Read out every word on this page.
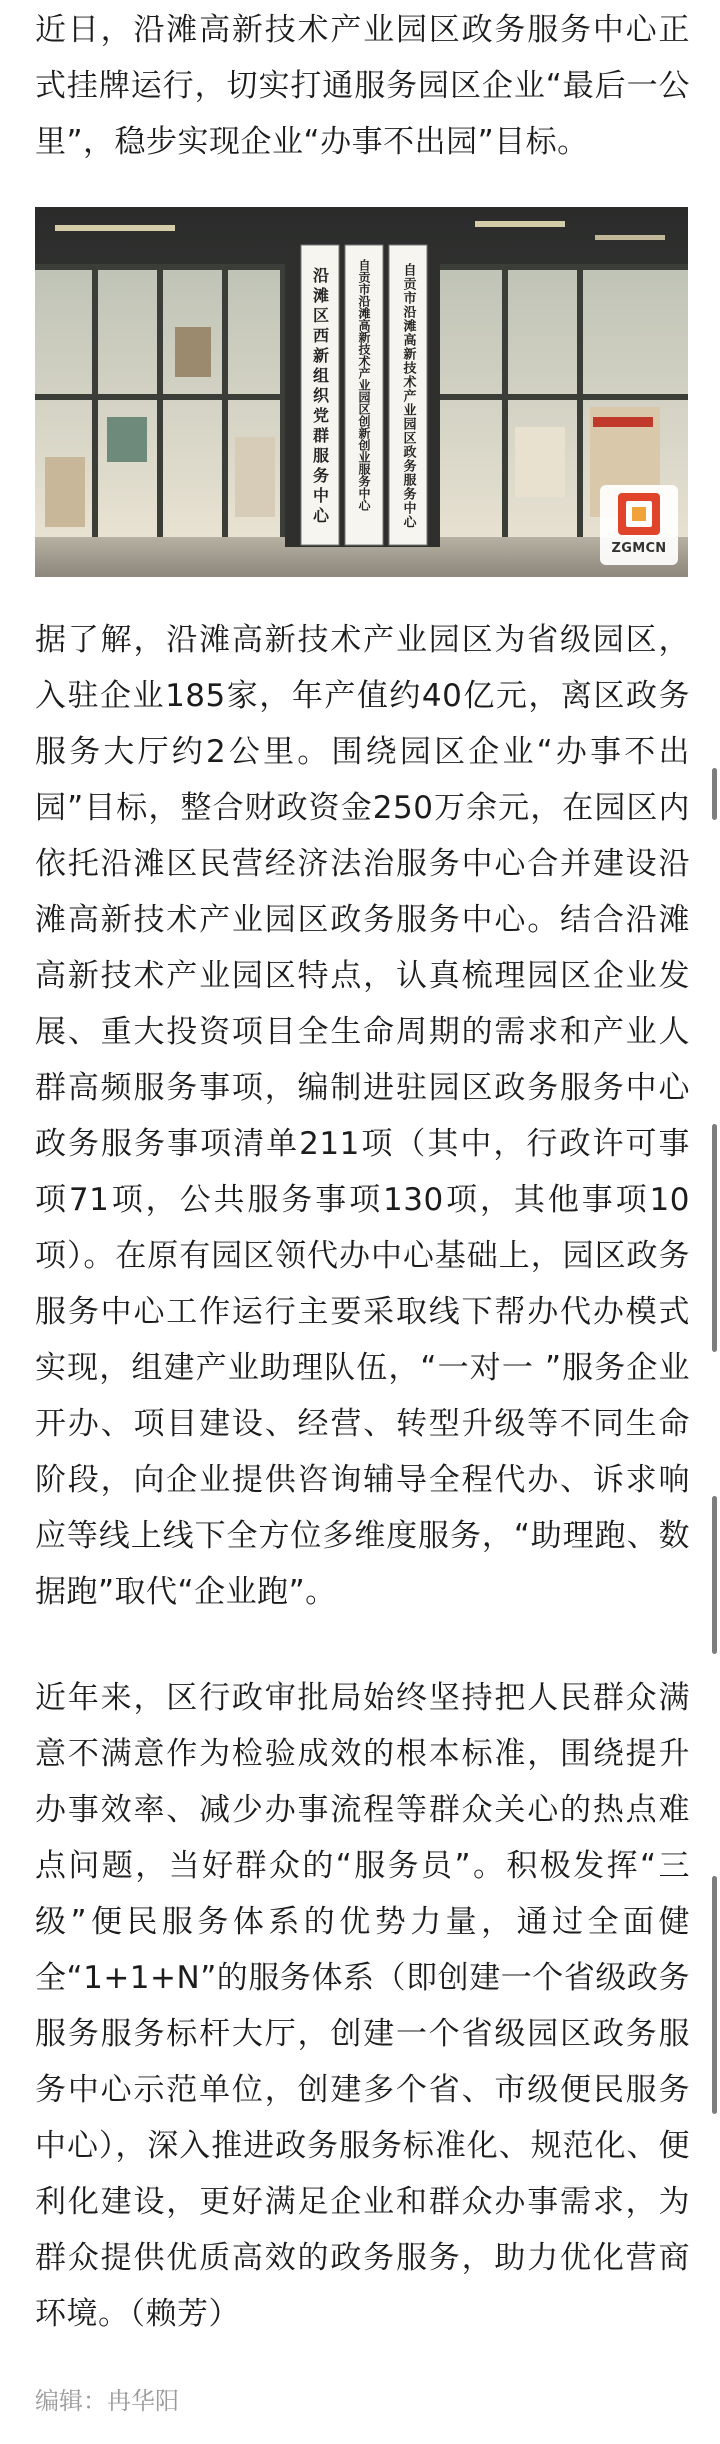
近日，沿滩高新技术产业园区政务服务中心正式挂牌运行，切实打通服务园区企业“最后一公里”，稳步实现企业“办事不出园”目标。

沿滩区西新组织党群服务中心 自贡市沿滩高新技术产业园区创新创业服务中心 自贡市沿滩高新技术产业园区政务服务中心
ZGMCN

据了解，沿滩高新技术产业园区为省级园区，入驻企业185家，年产值约40亿元，离区政务服务大厅约2公里。围绕园区企业“办事不出园”目标，整合财政资金250万余元，在园区内依托沿滩区民营经济法治服务中心合并建设沿滩高新技术产业园区政务服务中心。结合沿滩高新技术产业园区特点，认真梳理园区企业发展、重大投资项目全生命周期的需求和产业人群高频服务事项，编制进驻园区政务服务中心政务服务事项清单211项（其中，行政许可事项71项，公共服务事项130项，其他事项10项）。在原有园区领代办中心基础上，园区政务服务中心工作运行主要采取线下帮办代办模式实现，组建产业助理队伍，“一对一 ”服务企业开办、项目建设、经营、转型升级等不同生命阶段，向企业提供咨询辅导全程代办、诉求响应等线上线下全方位多维度服务，“助理跑、数据跑”取代“企业跑”。

近年来，区行政审批局始终坚持把人民群众满意不满意作为检验成效的根本标准，围绕提升办事效率、减少办事流程等群众关心的热点难点问题，当好群众的“服务员”。积极发挥“三级”便民服务体系的优势力量，通过全面健全“1+1+N”的服务体系（即创建一个省级政务服务服务标杆大厅，创建一个省级园区政务服务中心示范单位，创建多个省、市级便民服务中心），深入推进政务服务标准化、规范化、便利化建设，更好满足企业和群众办事需求，为群众提供优质高效的政务服务，助力优化营商环境。（赖芳）

编辑：冉华阳
